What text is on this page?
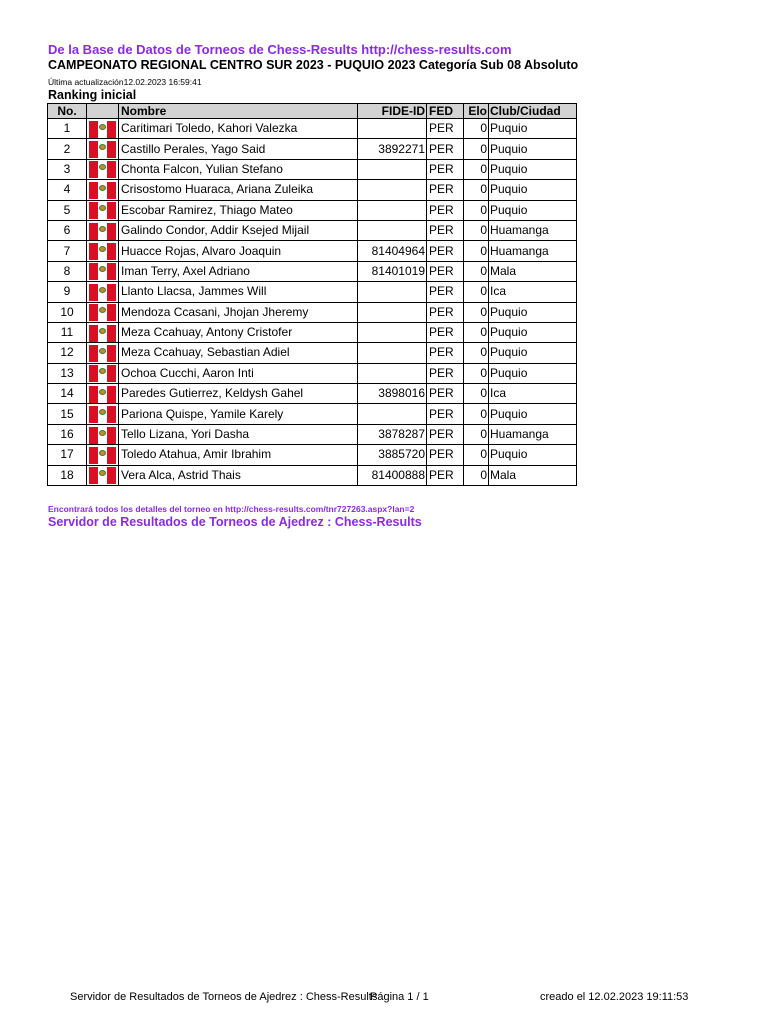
De la Base de Datos de Torneos de Chess-Results http://chess-results.com
CAMPEONATO REGIONAL CENTRO SUR 2023 - PUQUIO 2023 Categoría Sub 08 Absoluto
Última actualización12.02.2023 16:59:41
Ranking inicial
No.		Nombre	FIDE-ID	FED	Elo	Club/Ciudad
1		Caritimari Toledo, Kahori Valezka		PER	0	Puquio
2		Castillo Perales, Yago Said	3892271	PER	0	Puquio
3		Chonta Falcon, Yulian Stefano		PER	0	Puquio
4		Crisostomo Huaraca, Ariana Zuleika		PER	0	Puquio
5		Escobar Ramirez, Thiago Mateo		PER	0	Puquio
6		Galindo Condor, Addir Ksejed Mijail		PER	0	Huamanga
7		Huacce Rojas, Alvaro Joaquin	81404964	PER	0	Huamanga
8		Iman Terry, Axel Adriano	81401019	PER	0	Mala
9		Llanto Llacsa, Jammes Will		PER	0	Ica
10		Mendoza Ccasani, Jhojan Jheremy		PER	0	Puquio
11		Meza Ccahuay, Antony Cristofer		PER	0	Puquio
12		Meza Ccahuay, Sebastian Adiel		PER	0	Puquio
13		Ochoa Cucchi, Aaron Inti		PER	0	Puquio
14		Paredes Gutierrez, Keldysh Gahel	3898016	PER	0	Ica
15		Pariona Quispe, Yamile Karely		PER	0	Puquio
16		Tello Lizana, Yori Dasha	3878287	PER	0	Huamanga
17		Toledo Atahua, Amir Ibrahim	3885720	PER	0	Puquio
18		Vera Alca, Astrid Thais	81400888	PER	0	Mala
Encontrará todos los detalles del torneo en http://chess-results.com/tnr727263.aspx?lan=2
Servidor de Resultados de Torneos de Ajedrez : Chess-Results
Servidor de Resultados de Torneos de Ajedrez : Chess-Results
Página 1 / 1	creado el 12.02.2023 19:11:53
